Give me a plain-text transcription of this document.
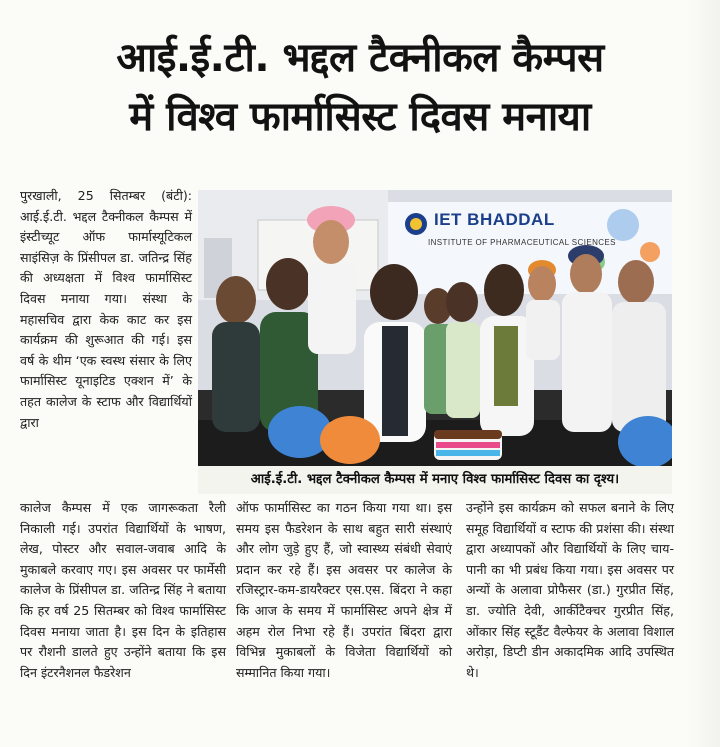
आई.ई.टी. भद्दल टैक्नीकल कैम्पस
में विश्व फार्मासिस्ट दिवस मनाया

पुरखाली, 25 सितम्बर (बंटी): आई.ई.टी. भद्दल टैक्नीकल कैम्पस में इंस्टीच्यूट ऑफ फार्मास्यूटिकल साइंसिज़ के प्रिंसीपल डा. जतिन्द्र सिंह की अध्यक्षता में विश्व फार्मासिस्ट दिवस मनाया गया। संस्था के महासचिव द्वारा केक काट कर इस कार्यक्रम की शुरूआत की गई। इस वर्ष के थीम ‘एक स्वस्थ संसार के लिए फार्मासिस्ट यूनाइटिड एक्शन में’ के तहत कालेज के स्टाफ और विद्यार्थियों द्वारा

IET BHADDAL
INSTITUTE OF PHARMACEUTICAL SCIENCES
आई.ई.टी. भद्दल टैक्नीकल कैम्पस में मनाए विश्व फार्मासिस्ट दिवस का दृश्य।

कालेज कैम्पस में एक जागरूकता रैली निकाली गई। उपरांत विद्यार्थियों के भाषण, लेख, पोस्टर और सवाल-जवाब आदि के मुकाबले करवाए गए। इस अवसर पर फार्मेसी कालेज के प्रिंसीपल डा. जतिन्द्र सिंह ने बताया कि हर वर्ष 25 सितम्बर को विश्व फार्मासिस्ट दिवस मनाया जाता है। इस दिन के इतिहास पर रौशनी डालते हुए उन्होंने बताया कि इस दिन इंटरनैशनल फैडरेशन

ऑफ फार्मासिस्ट का गठन किया गया था। इस समय इस फैडरेशन के साथ बहुत सारी संस्थाएं और लोग जुड़े हुए हैं, जो स्वास्थ्य संबंधी सेवाएं प्रदान कर रहे हैं। इस अवसर पर कालेज के रजिस्ट्रार-कम-डायरैक्टर एस.एस. बिंदरा ने कहा कि आज के समय में फार्मासिस्ट अपने क्षेत्र में अहम रोल निभा रहे हैं। उपरांत बिंदरा द्वारा विभिन्न मुकाबलों के विजेता विद्यार्थियों को सम्मानित किया गया।

उन्होंने इस कार्यक्रम को सफल बनाने के लिए समूह विद्यार्थियों व स्टाफ की प्रशंसा की। संस्था द्वारा अध्यापकों और विद्यार्थियों के लिए चाय-पानी का भी प्रबंध किया गया। इस अवसर पर अन्यों के अलावा प्रोफैसर (डा.) गुरप्रीत सिंह, डा. ज्योति देवी, आर्कीटैक्चर गुरप्रीत सिंह, ओंकार सिंह स्टूडैंट वैल्फेयर के अलावा विशाल अरोड़ा, डिप्टी डीन अकादमिक आदि उपस्थित थे।
